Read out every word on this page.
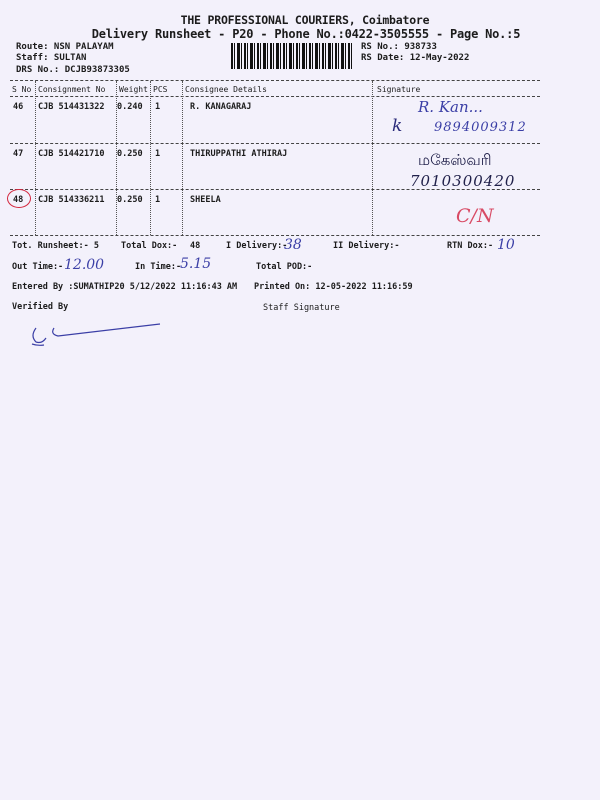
THE PROFESSIONAL COURIERS, Coimbatore
Delivery Runsheet - P20 - Phone No.:0422-3505555 - Page No.:5
Route: NSN PALAYAM
Staff: SULTAN
DRS No.: DCJB93873305
RS No.: 938733
RS Date: 12-May-2022
S No Consignment No Weight PCS Consignee Details	Signature
46 CJB 514431322 0.240 1	R. KANAGARAJ	R. Kan...
k 9894009312
47 CJB 514421710 0.250 1	THIRUPPATHI ATHIRAJ	மகேஸ்வரி
7010300420
48 CJB 514336211 0.250 1	SHEELA
C/N
Tot. Runsheet:- 5	Total Dox:- 48	I Delivery:-
38	II Delivery:-	RTN Dox:- 10
Out Time:- 12.00	In Time:-
5.15	Total POD:-
Entered By :SUMATHIP20 5/12/2022 11:16:43 AM Printed On: 12-05-2022 11:16:59
Verified By	Staff Signature
